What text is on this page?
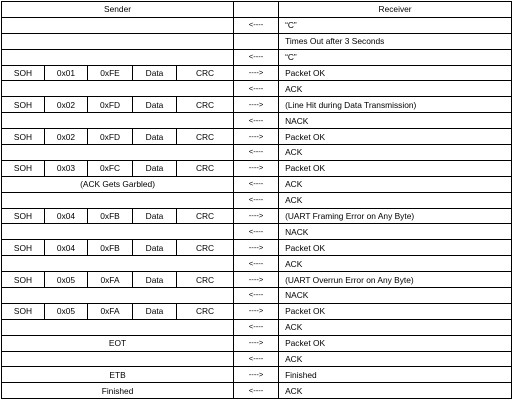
Sender						Receiver
					<----	“C”
						Times Out after 3 Seconds
					<----	“C”
SOH	0x01	0xFE	Data	CRC	---->	Packet OK
					<----	ACK
SOH	0x02	0xFD	Data	CRC	---->	(Line Hit during Data Transmission)
					<----	NACK
SOH	0x02	0xFD	Data	CRC	---->	Packet OK
					<----	ACK
SOH	0x03	0xFC	Data	CRC	---->	Packet OK
(ACK Gets Garbled)					<----	ACK
					<----	ACK
SOH	0x04	0xFB	Data	CRC	---->	(UART Framing Error on Any Byte)
					<----	NACK
SOH	0x04	0xFB	Data	CRC	---->	Packet OK
					<----	ACK
SOH	0x05	0xFA	Data	CRC	---->	(UART Overrun Error on Any Byte)
					<----	NACK
SOH	0x05	0xFA	Data	CRC	---->	Packet OK
					<----	ACK
EOT					---->	Packet OK
					<----	ACK
ETB					---->	Finished
Finished					<----	ACK
